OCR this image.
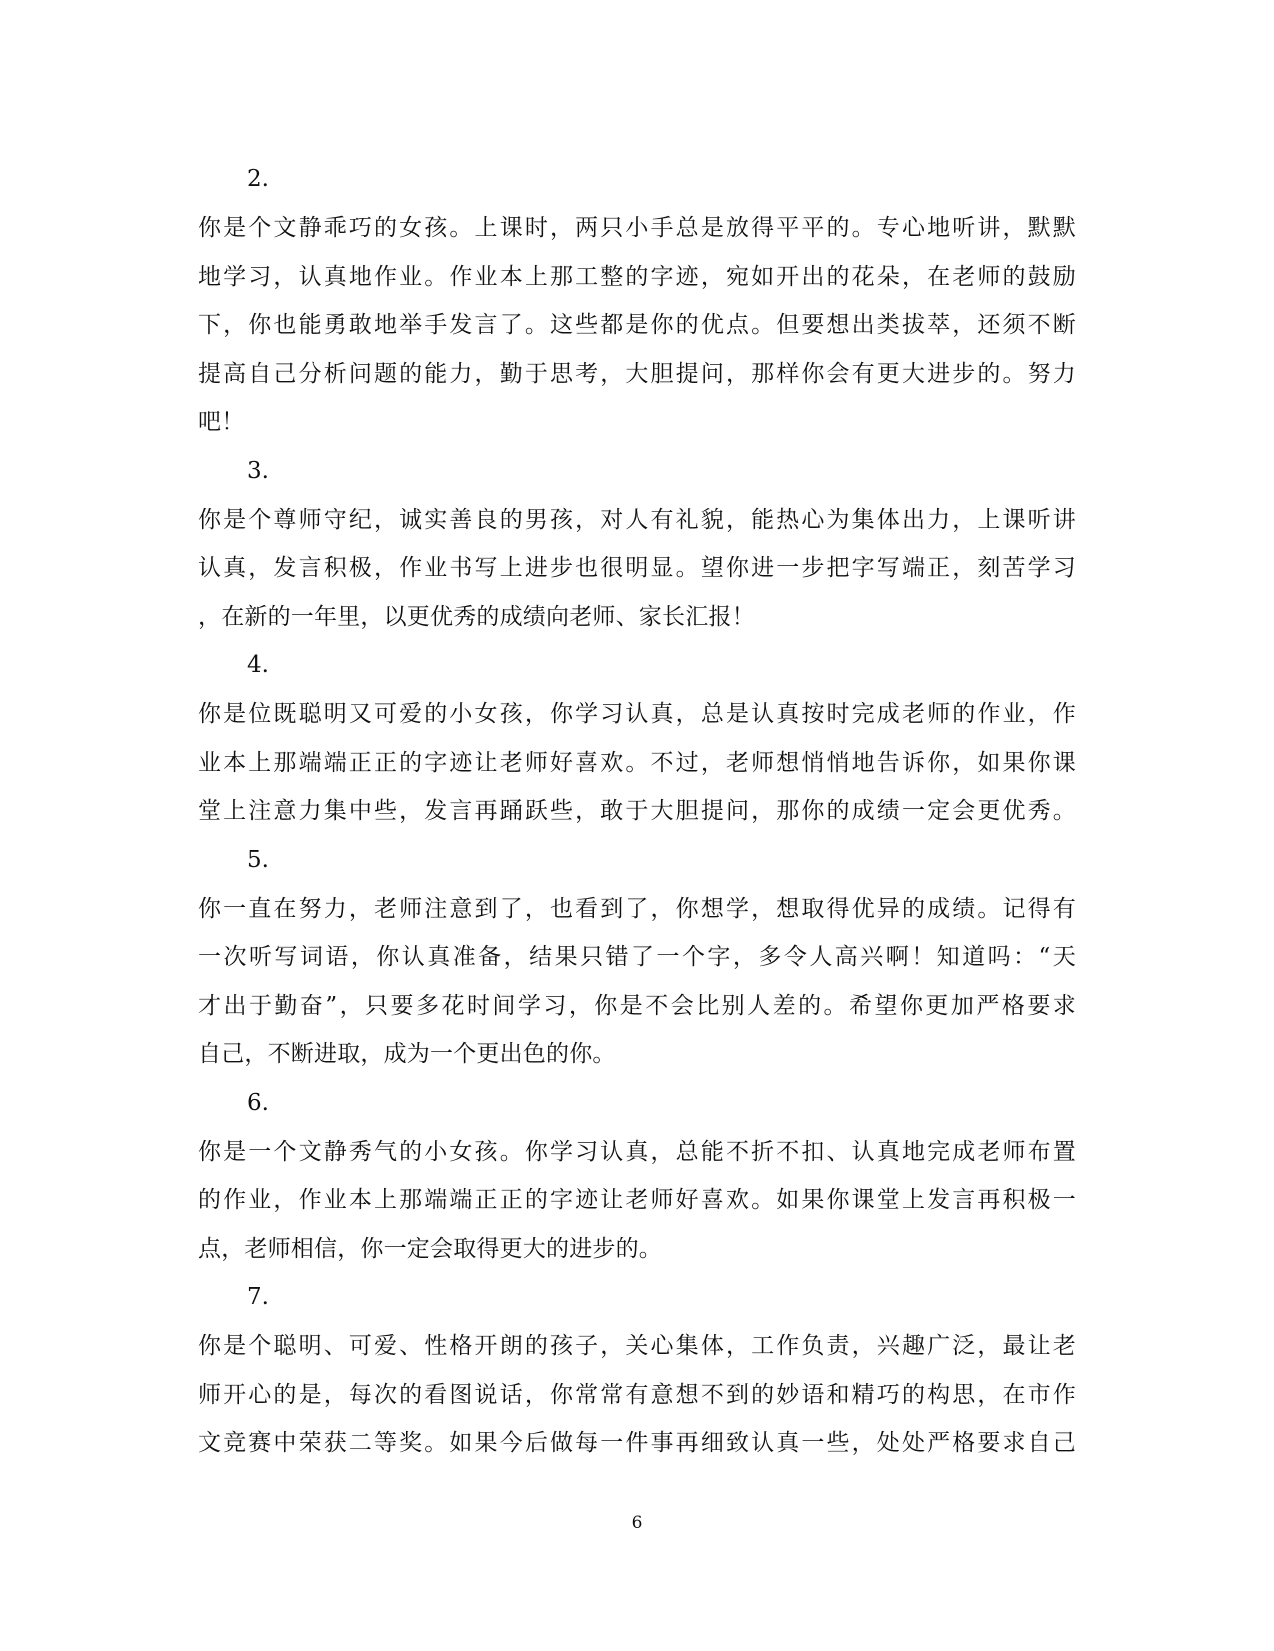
2.
你是个文静乖巧的女孩。上课时，两只小手总是放得平平的。专心地听讲，默默
地学习，认真地作业。作业本上那工整的字迹，宛如开出的花朵，在老师的鼓励
下，你也能勇敢地举手发言了。这些都是你的优点。但要想出类拔萃，还须不断
提高自己分析问题的能力，勤于思考，大胆提问，那样你会有更大进步的。努力
吧！
3.
你是个尊师守纪，诚实善良的男孩，对人有礼貌，能热心为集体出力，上课听讲
认真，发言积极，作业书写上进步也很明显。望你进一步把字写端正，刻苦学习
，在新的一年里，以更优秀的成绩向老师、家长汇报！
4.
你是位既聪明又可爱的小女孩，你学习认真，总是认真按时完成老师的作业，作
业本上那端端正正的字迹让老师好喜欢。不过，老师想悄悄地告诉你，如果你课
堂上注意力集中些，发言再踊跃些，敢于大胆提问，那你的成绩一定会更优秀。
5.
你一直在努力，老师注意到了，也看到了，你想学，想取得优异的成绩。记得有
一次听写词语，你认真准备，结果只错了一个字，多令人高兴啊！知道吗：“天
才出于勤奋”，只要多花时间学习，你是不会比别人差的。希望你更加严格要求
自己，不断进取，成为一个更出色的你。
6.
你是一个文静秀气的小女孩。你学习认真，总能不折不扣、认真地完成老师布置
的作业，作业本上那端端正正的字迹让老师好喜欢。如果你课堂上发言再积极一
点，老师相信，你一定会取得更大的进步的。
7.
你是个聪明、可爱、性格开朗的孩子，关心集体，工作负责，兴趣广泛，最让老
师开心的是，每次的看图说话，你常常有意想不到的妙语和精巧的构思，在市作
文竞赛中荣获二等奖。如果今后做每一件事再细致认真一些，处处严格要求自己
6
